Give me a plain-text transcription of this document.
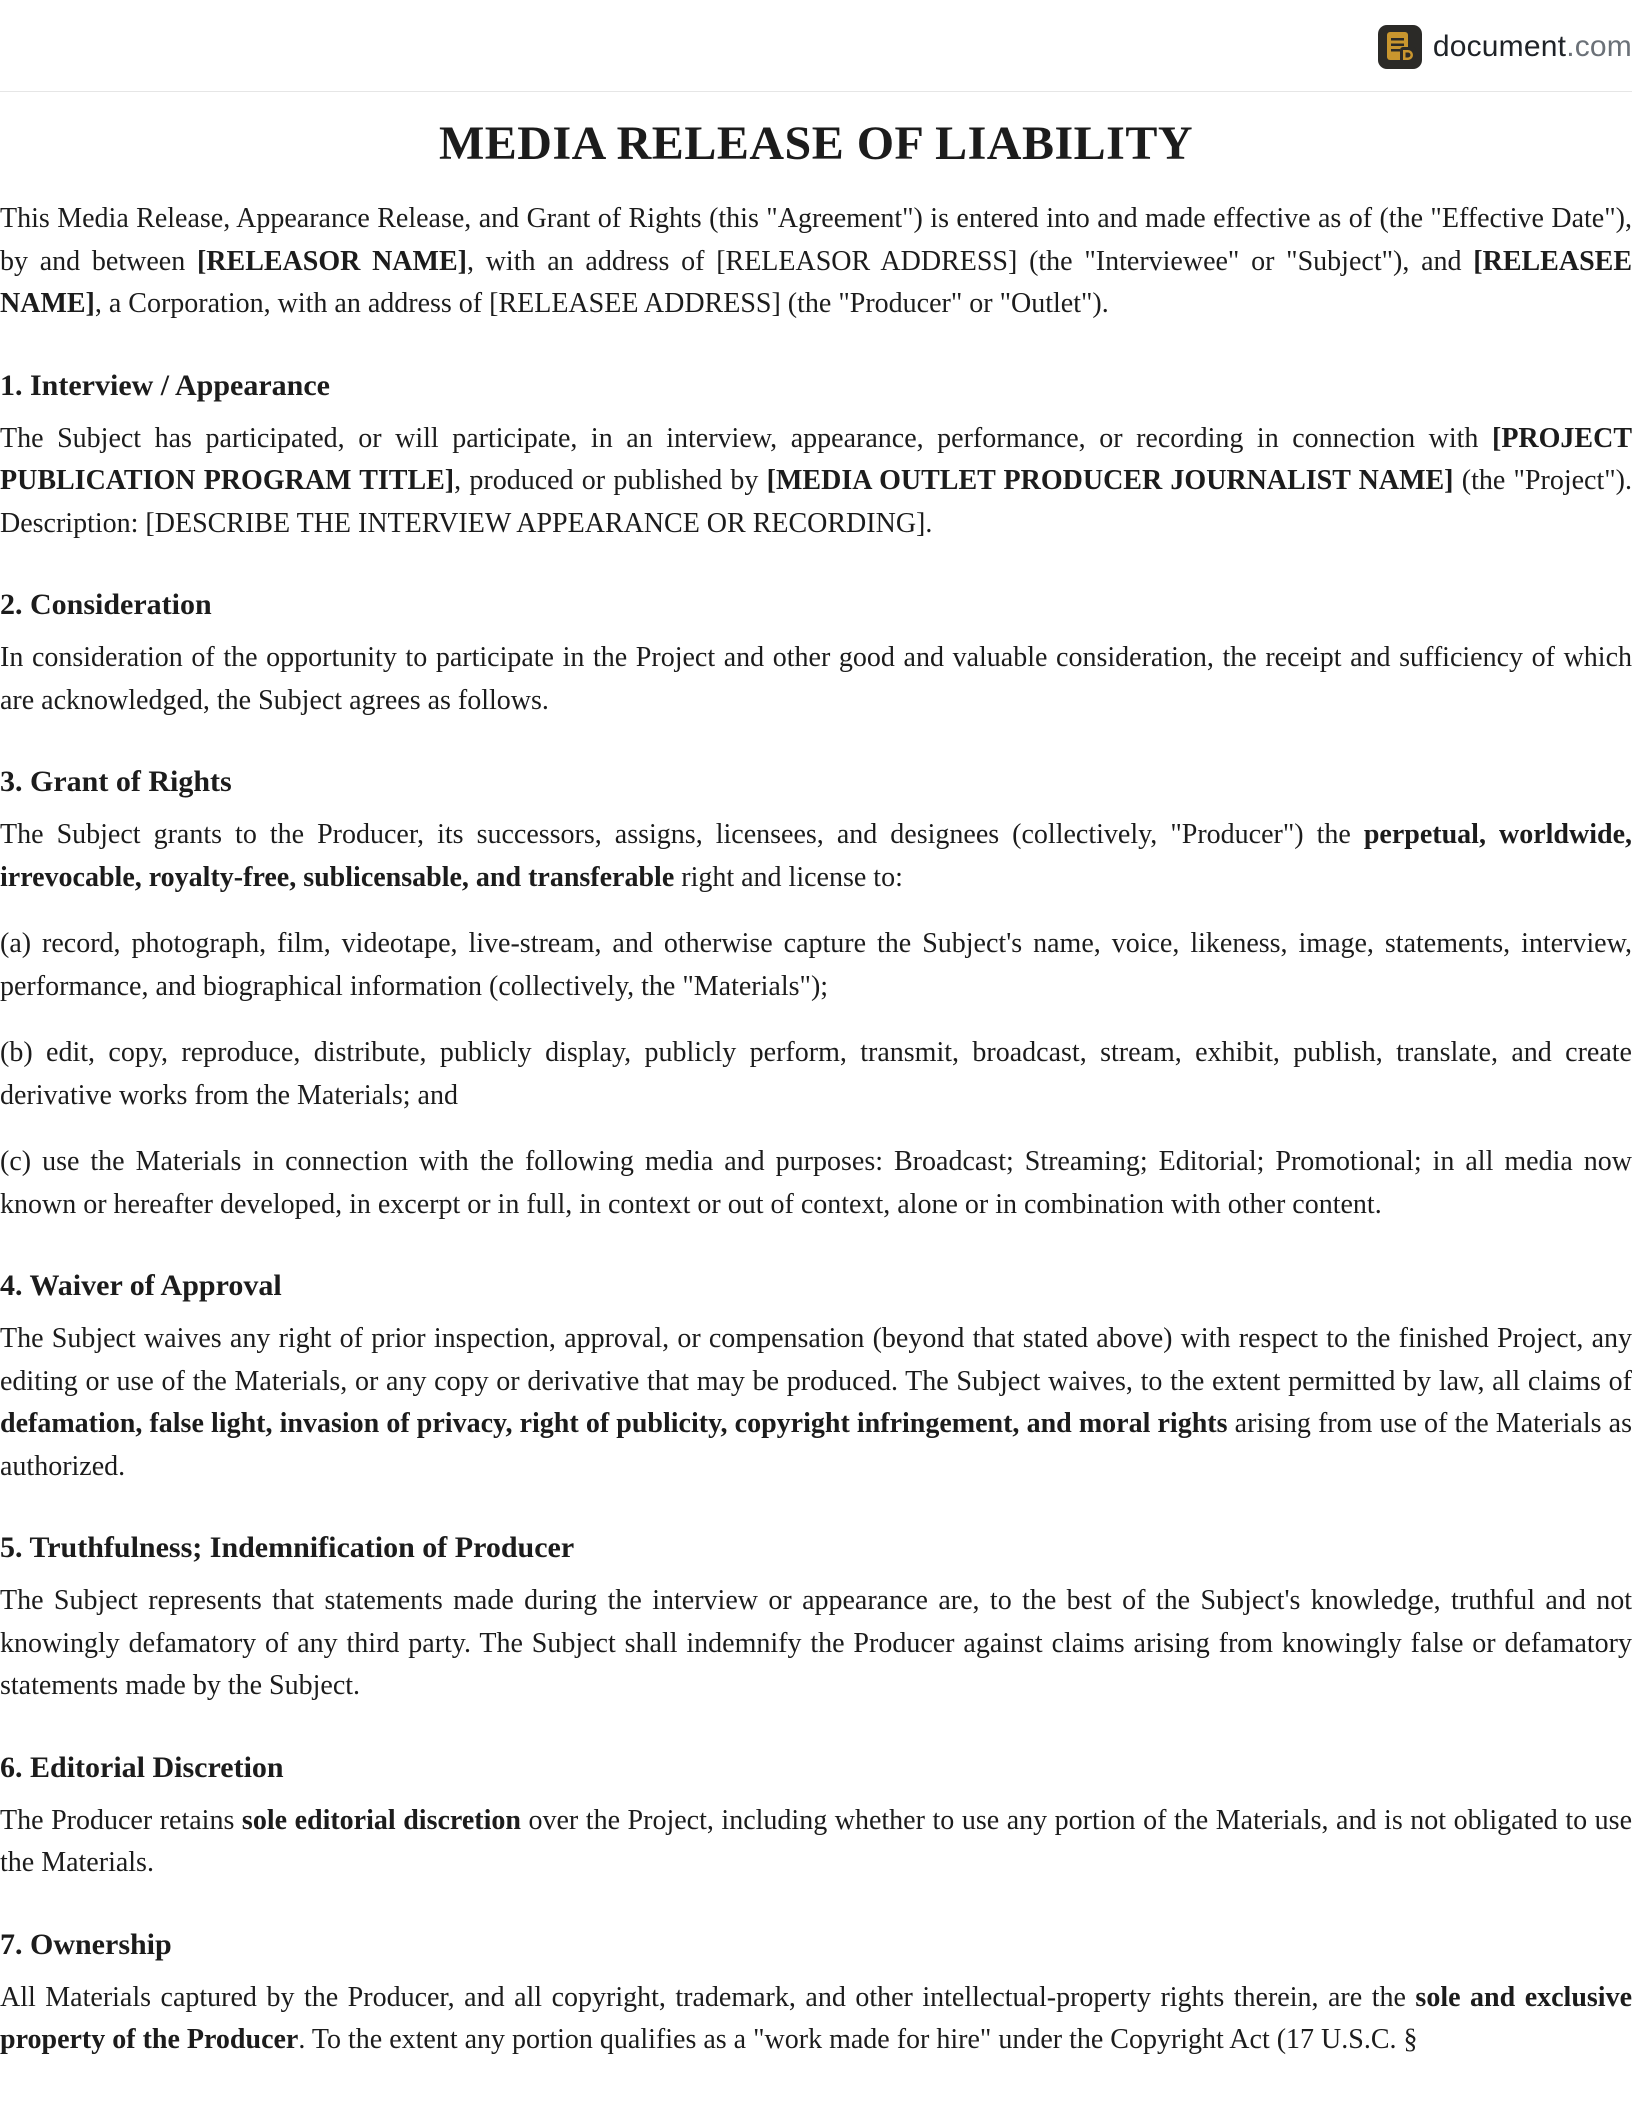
document.com
MEDIA RELEASE OF LIABILITY

This Media Release, Appearance Release, and Grant of Rights (this "Agreement") is entered into and made effective as of (the "Effective Date"), by and between [RELEASOR NAME], with an address of [RELEASOR ADDRESS] (the "Interviewee" or "Subject"), and [RELEASEE NAME], a Corporation, with an address of [RELEASEE ADDRESS] (the "Producer" or "Outlet").

1. Interview / Appearance

The Subject has participated, or will participate, in an interview, appearance, performance, or recording in connection with [PROJECT PUBLICATION PROGRAM TITLE], produced or published by [MEDIA OUTLET PRODUCER JOURNALIST NAME] (the "Project"). Description: [DESCRIBE THE INTERVIEW APPEARANCE OR RECORDING].

2. Consideration

In consideration of the opportunity to participate in the Project and other good and valuable consideration, the receipt and sufficiency of which are acknowledged, the Subject agrees as follows.

3. Grant of Rights

The Subject grants to the Producer, its successors, assigns, licensees, and designees (collectively, "Producer") the perpetual, worldwide, irrevocable, royalty-free, sublicensable, and transferable right and license to:

(a) record, photograph, film, videotape, live-stream, and otherwise capture the Subject's name, voice, likeness, image, statements, interview, performance, and biographical information (collectively, the "Materials");

(b) edit, copy, reproduce, distribute, publicly display, publicly perform, transmit, broadcast, stream, exhibit, publish, translate, and create derivative works from the Materials; and

(c) use the Materials in connection with the following media and purposes: Broadcast; Streaming; Editorial; Promotional; in all media now known or hereafter developed, in excerpt or in full, in context or out of context, alone or in combination with other content.

4. Waiver of Approval

The Subject waives any right of prior inspection, approval, or compensation (beyond that stated above) with respect to the finished Project, any editing or use of the Materials, or any copy or derivative that may be produced. The Subject waives, to the extent permitted by law, all claims of defamation, false light, invasion of privacy, right of publicity, copyright infringement, and moral rights arising from use of the Materials as authorized.

5. Truthfulness; Indemnification of Producer

The Subject represents that statements made during the interview or appearance are, to the best of the Subject's knowledge, truthful and not knowingly defamatory of any third party. The Subject shall indemnify the Producer against claims arising from knowingly false or defamatory statements made by the Subject.

6. Editorial Discretion

The Producer retains sole editorial discretion over the Project, including whether to use any portion of the Materials, and is not obligated to use the Materials.

7. Ownership

All Materials captured by the Producer, and all copyright, trademark, and other intellectual-property rights therein, are the sole and exclusive property of the Producer. To the extent any portion qualifies as a "work made for hire" under the Copyright Act (17 U.S.C. §
